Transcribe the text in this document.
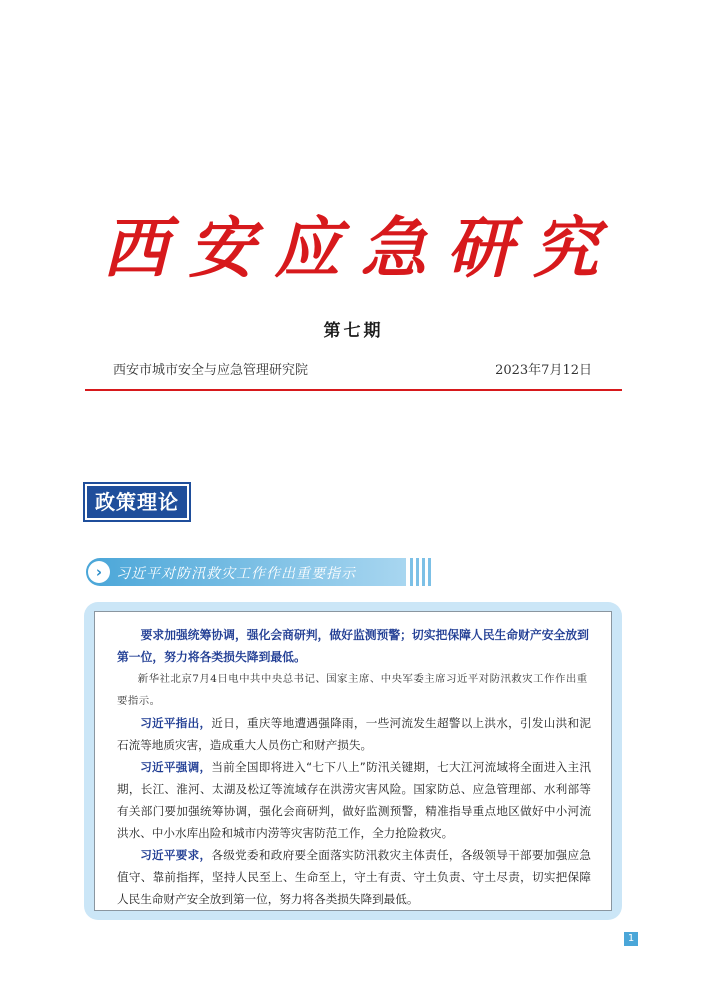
西安应急研究
第七期
西安市城市安全与应急管理研究院	2023年7月12日
政策理论
› 习近平对防汛救灾工作作出重要指示
要求加强统筹协调，强化会商研判，做好监测预警；切实把保障人民生命财产安全放到第一位，努力将各类损失降到最低。
新华社北京7月4日电中共中央总书记、国家主席、中央军委主席习近平对防汛救灾工作作出重要指示。
习近平指出，近日，重庆等地遭遇强降雨，一些河流发生超警以上洪水，引发山洪和泥石流等地质灾害，造成重大人员伤亡和财产损失。
习近平强调，当前全国即将进入“七下八上”防汛关键期，七大江河流域将全面进入主汛期，长江、淮河、太湖及松辽等流域存在洪涝灾害风险。国家防总、应急管理部、水利部等有关部门要加强统筹协调，强化会商研判，做好监测预警，精准指导重点地区做好中小河流洪水、中小水库出险和城市内涝等灾害防范工作，全力抢险救灾。
习近平要求，各级党委和政府要全面落实防汛救灾主体责任，各级领导干部要加强应急值守、靠前指挥，坚持人民至上、生命至上，守土有责、守土负责、守土尽责，切实把保障人民生命财产安全放到第一位，努力将各类损失降到最低。
1
